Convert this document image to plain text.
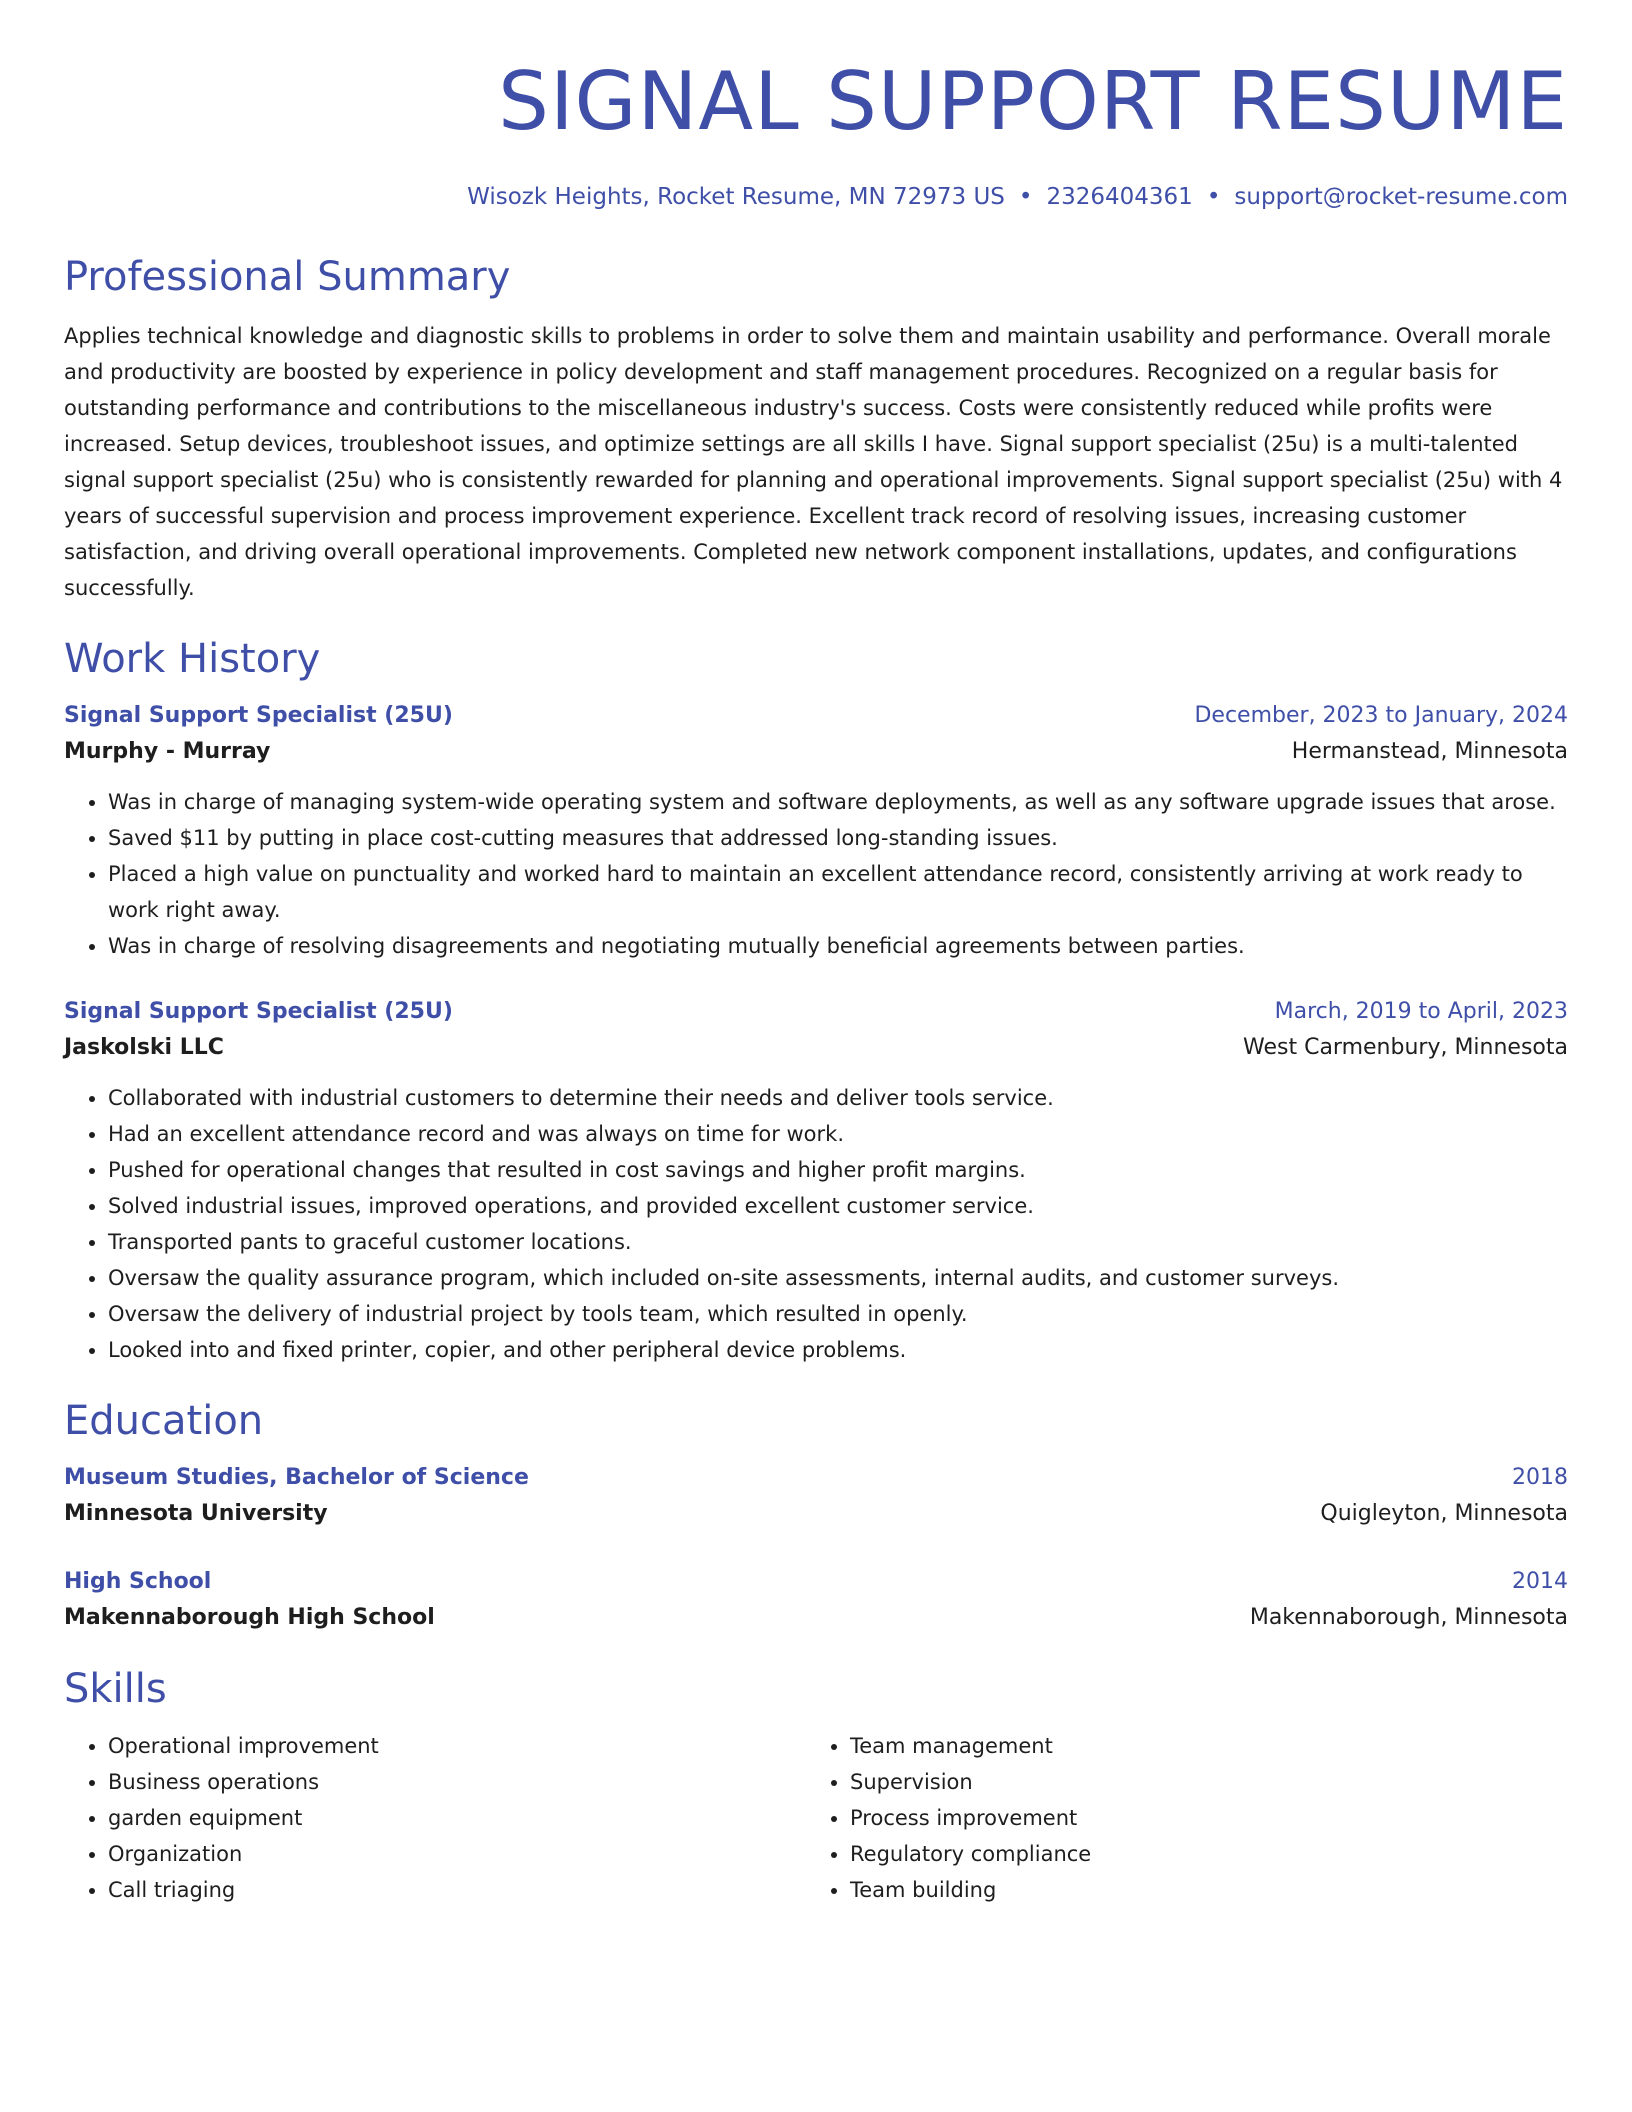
SIGNAL SUPPORT RESUME
Wisozk Heights, Rocket Resume, MN 72973 US • 2326404361 • support@rocket-resume.com
Professional Summary

Applies technical knowledge and diagnostic skills to problems in order to solve them and maintain usability and performance. Overall morale and productivity are boosted by experience in policy development and staff management procedures. Recognized on a regular basis for outstanding performance and contributions to the miscellaneous industry's success. Costs were consistently reduced while profits were increased. Setup devices, troubleshoot issues, and optimize settings are all skills I have. Signal support specialist (25u) is a multi-talented signal support specialist (25u) who is consistently rewarded for planning and operational improvements. Signal support specialist (25u) with 4 years of successful supervision and process improvement experience. Excellent track record of resolving issues, increasing customer satisfaction, and driving overall operational improvements. Completed new network component installations, updates, and configurations successfully.

Work History
Signal Support Specialist (25U)	December, 2023 to January, 2024
Murphy - Murray	Hermanstead, Minnesota
• Was in charge of managing system-wide operating system and software deployments, as well as any software upgrade issues that arose.
• Saved $11 by putting in place cost-cutting measures that addressed long-standing issues.
• Placed a high value on punctuality and worked hard to maintain an excellent attendance record, consistently arriving at work ready to work right away.
• Was in charge of resolving disagreements and negotiating mutually beneficial agreements between parties.
Signal Support Specialist (25U)	March, 2019 to April, 2023
Jaskolski LLC	West Carmenbury, Minnesota
• Collaborated with industrial customers to determine their needs and deliver tools service.
• Had an excellent attendance record and was always on time for work.
• Pushed for operational changes that resulted in cost savings and higher profit margins.
• Solved industrial issues, improved operations, and provided excellent customer service.
• Transported pants to graceful customer locations.
• Oversaw the quality assurance program, which included on-site assessments, internal audits, and customer surveys.
• Oversaw the delivery of industrial project by tools team, which resulted in openly.
• Looked into and fixed printer, copier, and other peripheral device problems.
Education
Museum Studies, Bachelor of Science	2018
Minnesota University	Quigleyton, Minnesota
High School	2014
Makennaborough High School	Makennaborough, Minnesota
Skills
• Operational improvement
• Business operations
• garden equipment
• Organization
• Call triaging
• Team management
• Supervision
• Process improvement
• Regulatory compliance
• Team building
